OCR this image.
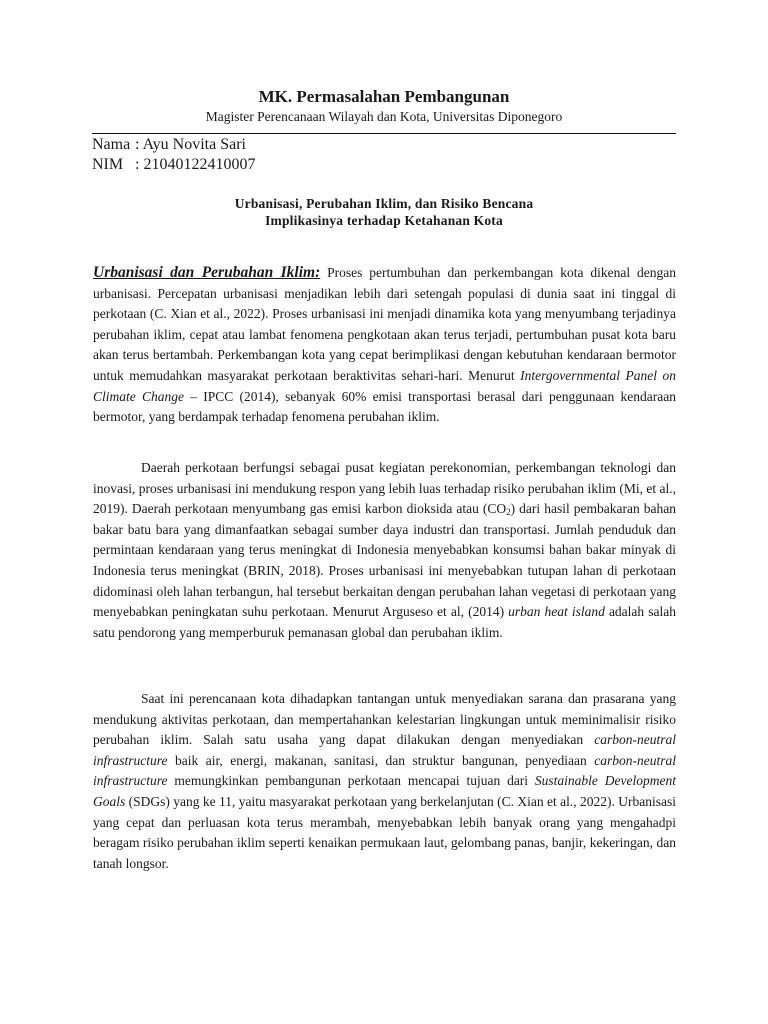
MK. Permasalahan Pembangunan
Magister Perencanaan Wilayah dan Kota, Universitas Diponegoro
Nama : Ayu Novita Sari
NIM : 21040122410007
Urbanisasi, Perubahan Iklim, dan Risiko Bencana
Implikasinya terhadap Ketahanan Kota

Urbanisasi dan Perubahan Iklim: Proses pertumbuhan dan perkembangan kota dikenal dengan urbanisasi. Percepatan urbanisasi menjadikan lebih dari setengah populasi di dunia saat ini tinggal di perkotaan (C. Xian et al., 2022). Proses urbanisasi ini menjadi dinamika kota yang menyumbang terjadinya perubahan iklim, cepat atau lambat fenomena pengkotaan akan terus terjadi, pertumbuhan pusat kota baru akan terus bertambah. Perkembangan kota yang cepat berimplikasi dengan kebutuhan kendaraan bermotor untuk memudahkan masyarakat perkotaan beraktivitas sehari-hari. Menurut Intergovernmental Panel on Climate Change – IPCC (2014), sebanyak 60% emisi transportasi berasal dari penggunaan kendaraan bermotor, yang berdampak terhadap fenomena perubahan iklim.

Daerah perkotaan berfungsi sebagai pusat kegiatan perekonomian, perkembangan teknologi dan inovasi, proses urbanisasi ini mendukung respon yang lebih luas terhadap risiko perubahan iklim (Mi, et al., 2019). Daerah perkotaan menyumbang gas emisi karbon dioksida atau $(CO_2)$ dari hasil pembakaran bahan bakar batu bara yang dimanfaatkan sebagai sumber daya industri dan transportasi. Jumlah penduduk dan permintaan kendaraan yang terus meningkat di Indonesia menyebabkan konsumsi bahan bakar minyak di Indonesia terus meningkat (BRIN, 2018). Proses urbanisasi ini menyebabkan tutupan lahan di perkotaan didominasi oleh lahan terbangun, hal tersebut berkaitan dengan perubahan lahan vegetasi di perkotaan yang menyebabkan peningkatan suhu perkotaan. Menurut Arguseso et al, (2014) urban heat island adalah salah satu pendorong yang memperburuk pemanasan global dan perubahan iklim.

Saat ini perencanaan kota dihadapkan tantangan untuk menyediakan sarana dan prasarana yang mendukung aktivitas perkotaan, dan mempertahankan kelestarian lingkungan untuk meminimalisir risiko perubahan iklim. Salah satu usaha yang dapat dilakukan dengan menyediakan carbon-neutral infrastructure baik air, energi, makanan, sanitasi, dan struktur bangunan, penyediaan carbon-neutral infrastructure memungkinkan pembangunan perkotaan mencapai tujuan dari Sustainable Development Goals (SDGs) yang ke 11, yaitu masyarakat perkotaan yang berkelanjutan (C. Xian et al., 2022). Urbanisasi yang cepat dan perluasan kota terus merambah, menyebabkan lebih banyak orang yang mengahadpi beragam risiko perubahan iklim seperti kenaikan permukaan laut, gelombang panas, banjir, kekeringan, dan tanah longsor.
